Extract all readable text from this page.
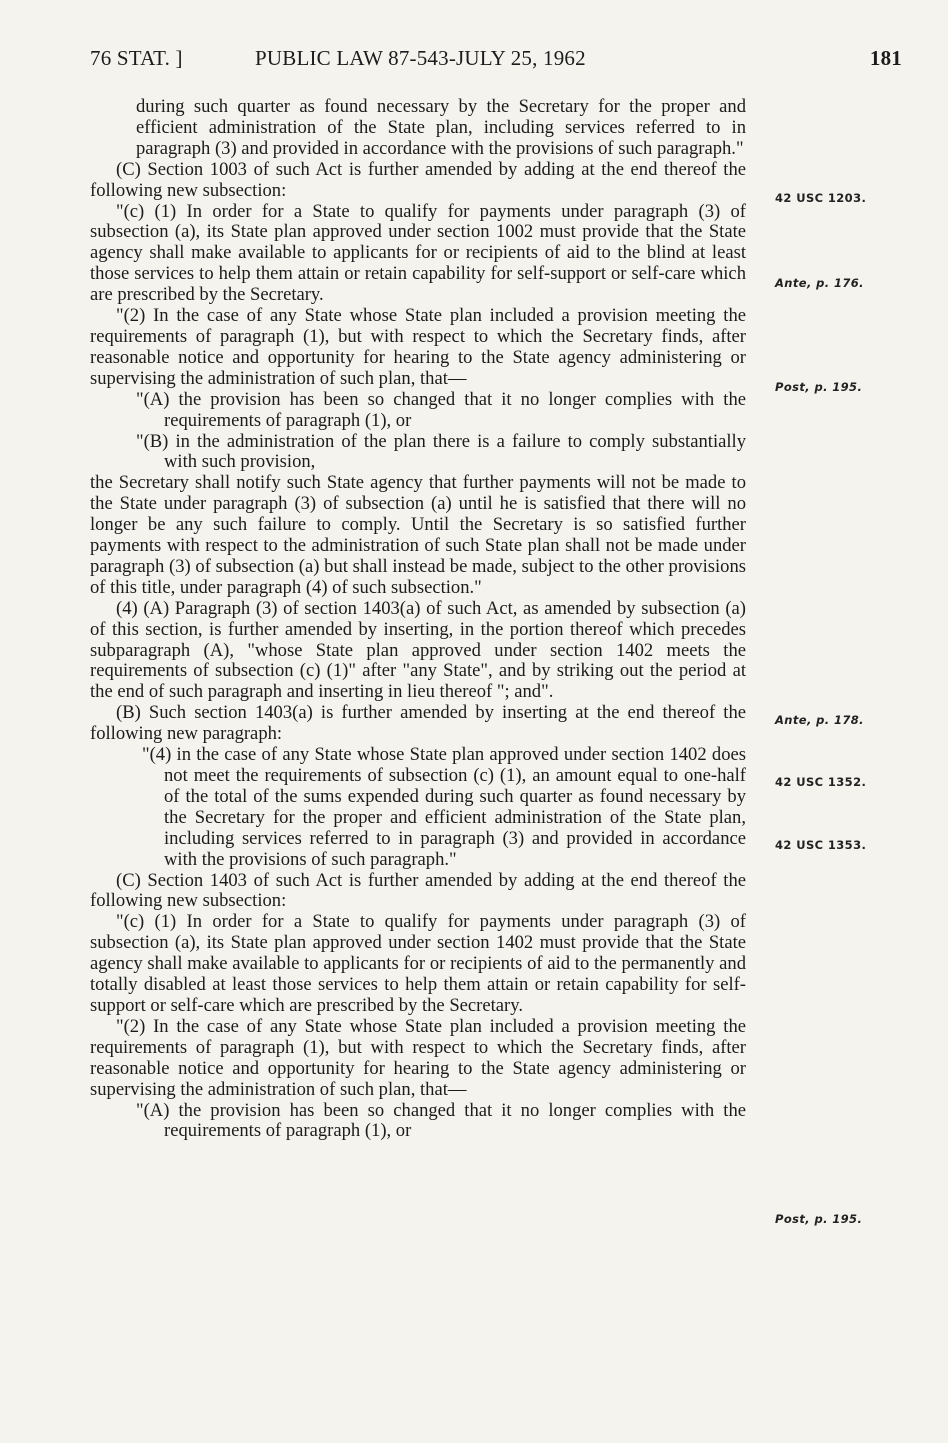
76 STAT. ]	PUBLIC LAW 87-543-JULY 25, 1962	181

during such quarter as found necessary by the Secretary for the proper and efficient administration of the State plan, including services referred to in paragraph (3) and provided in accordance with the provisions of such paragraph."

(C) Section 1003 of such Act is further amended by adding at the end thereof the following new subsection:

"(c) (1) In order for a State to qualify for payments under paragraph (3) of subsection (a), its State plan approved under section 1002 must provide that the State agency shall make available to applicants for or recipients of aid to the blind at least those services to help them attain or retain capability for self-support or self-care which are prescribed by the Secretary.

"(2) In the case of any State whose State plan included a provision meeting the requirements of paragraph (1), but with respect to which the Secretary finds, after reasonable notice and opportunity for hearing to the State agency administering or supervising the administration of such plan, that—

"(A) the provision has been so changed that it no longer complies with the requirements of paragraph (1), or

"(B) in the administration of the plan there is a failure to comply substantially with such provision,

the Secretary shall notify such State agency that further payments will not be made to the State under paragraph (3) of subsection (a) until he is satisfied that there will no longer be any such failure to comply. Until the Secretary is so satisfied further payments with respect to the administration of such State plan shall not be made under paragraph (3) of subsection (a) but shall instead be made, subject to the other provisions of this title, under paragraph (4) of such subsection."

(4) (A) Paragraph (3) of section 1403(a) of such Act, as amended by subsection (a) of this section, is further amended by inserting, in the portion thereof which precedes subparagraph (A), "whose State plan approved under section 1402 meets the requirements of subsection (c) (1)" after "any State", and by striking out the period at the end of such paragraph and inserting in lieu thereof "; and".

(B) Such section 1403(a) is further amended by inserting at the end thereof the following new paragraph:

"(4) in the case of any State whose State plan approved under section 1402 does not meet the requirements of subsection (c) (1), an amount equal to one-half of the total of the sums expended during such quarter as found necessary by the Secretary for the proper and efficient administration of the State plan, including services referred to in paragraph (3) and provided in accordance with the provisions of such paragraph."

(C) Section 1403 of such Act is further amended by adding at the end thereof the following new subsection:

"(c) (1) In order for a State to qualify for payments under paragraph (3) of subsection (a), its State plan approved under section 1402 must provide that the State agency shall make available to applicants for or recipients of aid to the permanently and totally disabled at least those services to help them attain or retain capability for self-support or self-care which are prescribed by the Secretary.

"(2) In the case of any State whose State plan included a provision meeting the requirements of paragraph (1), but with respect to which the Secretary finds, after reasonable notice and opportunity for hearing to the State agency administering or supervising the administration of such plan, that—

"(A) the provision has been so changed that it no longer complies with the requirements of paragraph (1), or

42 USC 1203.
Ante, p. 176.
Post, p. 195.
Ante, p. 178.
42 USC 1352.
42 USC 1353.
Post, p. 195.
